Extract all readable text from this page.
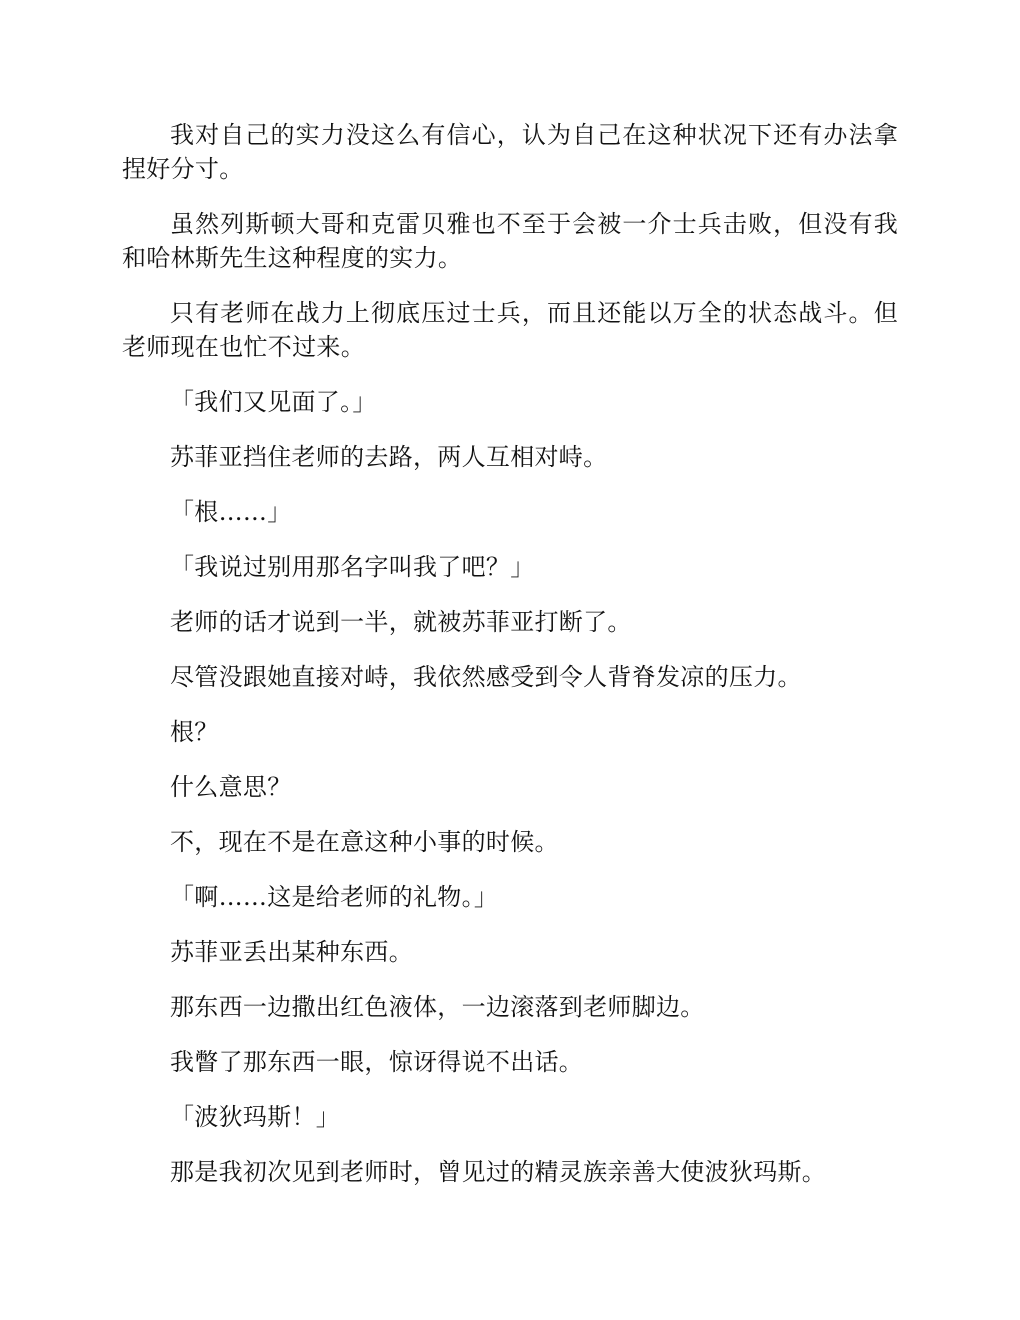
我对自己的实力没这么有信心，认为自己在这种状况下还有办法拿捏好分寸。

虽然列斯顿大哥和克雷贝雅也不至于会被一介士兵击败，但没有我和哈林斯先生这种程度的实力。

只有老师在战力上彻底压过士兵，而且还能以万全的状态战斗。但老师现在也忙不过来。

「我们又见面了。」

苏菲亚挡住老师的去路，两人互相对峙。

「根……」

「我说过别用那名字叫我了吧？」

老师的话才说到一半，就被苏菲亚打断了。

尽管没跟她直接对峙，我依然感受到令人背脊发凉的压力。

根？

什么意思？

不，现在不是在意这种小事的时候。

「啊……这是给老师的礼物。」

苏菲亚丢出某种东西。

那东西一边撒出红色液体，一边滚落到老师脚边。

我瞥了那东西一眼，惊讶得说不出话。

「波狄玛斯！」

那是我初次见到老师时，曾见过的精灵族亲善大使波狄玛斯。
